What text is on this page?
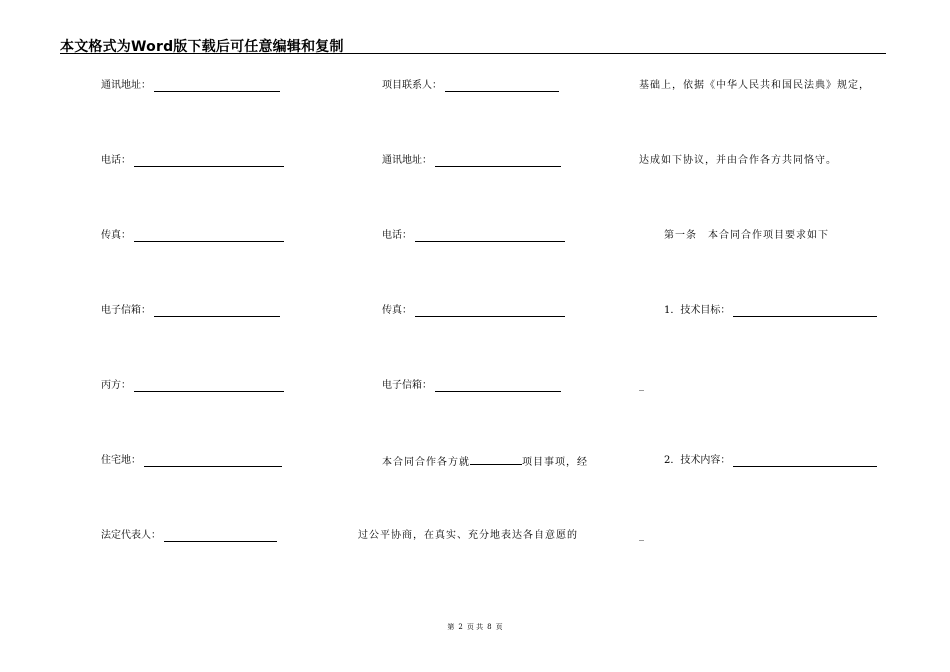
本文格式为Word版下载后可任意编辑和复制
通讯地址：
电话：
传真：
电子信箱：
丙方：
住宅地：
法定代表人：
项目联系人：
通讯地址：
电话：
传真：
电子信箱：
本合同合作各方就	项目事项，经
过公平协商，在真实、充分地表达各自意愿的
基础上，依据《中华人民共和国民法典》规定，
达成如下协议，并由合作各方共同恪守。
第一条　本合同合作项目要求如下
1．技术目标：
_
2．技术内容：
_
第 2 页 共 8 页
